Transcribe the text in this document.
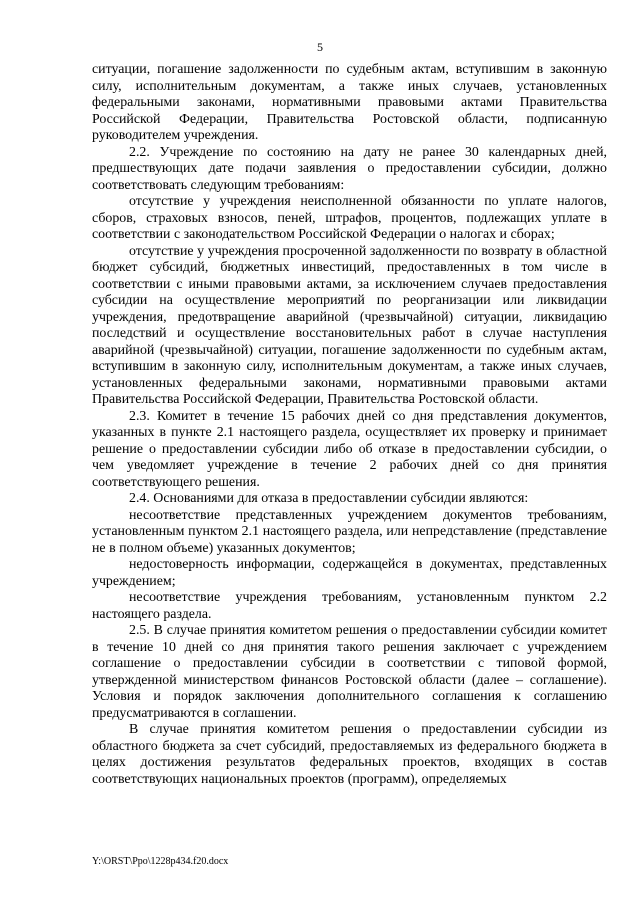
5

ситуации, погашение задолженности по судебным актам, вступившим в законную силу, исполнительным документам, а также иных случаев, установленных федеральными законами, нормативными правовыми актами Правительства Российской Федерации, Правительства Ростовской области, подписанную руководителем учреждения.

2.2. Учреждение по состоянию на дату не ранее 30 календарных дней, предшествующих дате подачи заявления о предоставлении субсидии, должно соответствовать следующим требованиям:

отсутствие у учреждения неисполненной обязанности по уплате налогов, сборов, страховых взносов, пеней, штрафов, процентов, подлежащих уплате в соответствии с законодательством Российской Федерации о налогах и сборах;

отсутствие у учреждения просроченной задолженности по возврату в областной бюджет субсидий, бюджетных инвестиций, предоставленных в том числе в соответствии с иными правовыми актами, за исключением случаев предоставления субсидии на осуществление мероприятий по реорганизации или ликвидации учреждения, предотвращение аварийной (чрезвычайной) ситуации, ликвидацию последствий и осуществление восстановительных работ в случае наступления аварийной (чрезвычайной) ситуации, погашение задолженности по судебным актам, вступившим в законную силу, исполнительным документам, а также иных случаев, установленных федеральными законами, нормативными правовыми актами Правительства Российской Федерации, Правительства Ростовской области.

2.3. Комитет в течение 15 рабочих дней со дня представления документов, указанных в пункте 2.1 настоящего раздела, осуществляет их проверку и принимает решение о предоставлении субсидии либо об отказе в предоставлении субсидии, о чем уведомляет учреждение в течение 2 рабочих дней со дня принятия соответствующего решения.

2.4. Основаниями для отказа в предоставлении субсидии являются:

несоответствие представленных учреждением документов требованиям, установленным пунктом 2.1 настоящего раздела, или непредставление (представление не в полном объеме) указанных документов;

недостоверность информации, содержащейся в документах, представленных учреждением;

несоответствие учреждения требованиям, установленным пунктом 2.2 настоящего раздела.

2.5. В случае принятия комитетом решения о предоставлении субсидии комитет в течение 10 дней со дня принятия такого решения заключает с учреждением соглашение о предоставлении субсидии в соответствии с типовой формой, утвержденной министерством финансов Ростовской области (далее – соглашение). Условия и порядок заключения дополнительного соглашения к соглашению предусматриваются в соглашении.

В случае принятия комитетом решения о предоставлении субсидии из областного бюджета за счет субсидий, предоставляемых из федерального бюджета в целях достижения результатов федеральных проектов, входящих в состав соответствующих национальных проектов (программ), определяемых

Y:\ORST\Ppo\1228p434.f20.docx
